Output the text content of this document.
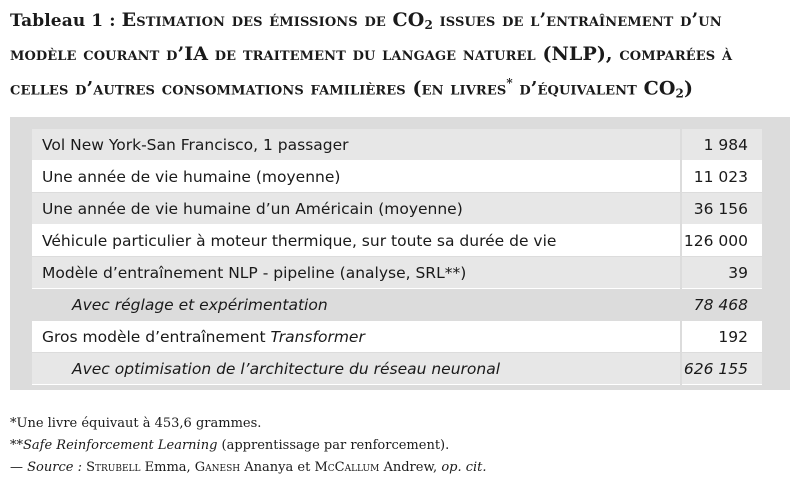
Tableau 1 : Estimation des émissions de $CO_2$ issues de l’entraînement d’un modèle courant d’IA de traitement du langage naturel (NLP), comparées à celles d’autres consommations familières (en livres* d’équivalent $CO_2$)
Vol New York-San Francisco, 1 passager	1 984
Une année de vie humaine (moyenne)	11 023
Une année de vie humaine d’un Américain (moyenne)	36 156
Véhicule particulier à moteur thermique, sur toute sa durée de vie	126 000
Modèle d’entraînement NLP - pipeline (analyse, SRL**)	39
Avec réglage et expérimentation	78 468
Gros modèle d’entraînement Transformer	192
Avec optimisation de l’architecture du réseau neuronal	626 155
*Une livre équivaut à 453,6 grammes.
**Safe Reinforcement Learning (apprentissage par renforcement).
— Source : Strubell Emma, Ganesh Ananya et McCallum Andrew, op. cit.
